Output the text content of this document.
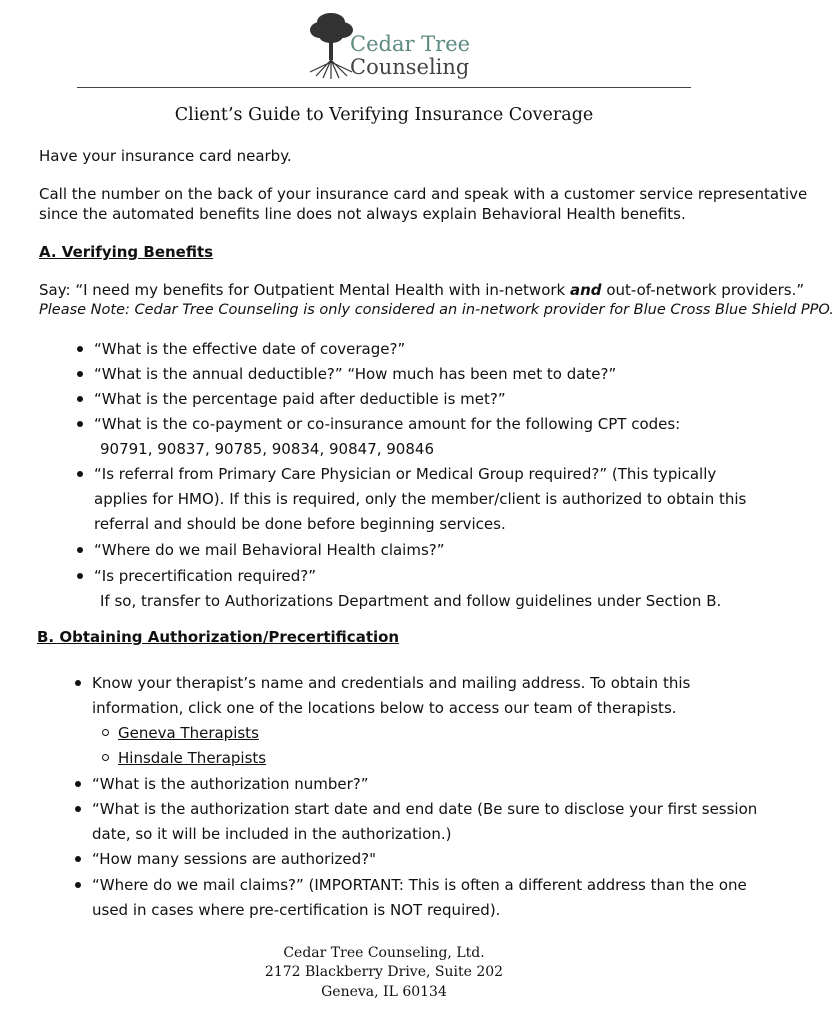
Cedar Tree
Counseling
Client’s Guide to Verifying Insurance Coverage
Have your insurance card nearby.
Call the number on the back of your insurance card and speak with a customer service representative
since the automated benefits line does not always explain Behavioral Health benefits.
A. Verifying Benefits
Say: “I need my benefits for Outpatient Mental Health with in-network and out-of-network providers.”
Please Note: Cedar Tree Counseling is only considered an in-network provider for Blue Cross Blue Shield PPO.
“What is the effective date of coverage?”
“What is the annual deductible?” “How much has been met to date?”
“What is the percentage paid after deductible is met?”
“What is the co-payment or co-insurance amount for the following CPT codes:
90791, 90837, 90785, 90834, 90847, 90846
“Is referral from Primary Care Physician or Medical Group required?” (This typically
applies for HMO). If this is required, only the member/client is authorized to obtain this
referral and should be done before beginning services.
“Where do we mail Behavioral Health claims?”
“Is precertification required?”
If so, transfer to Authorizations Department and follow guidelines under Section B.
B. Obtaining Authorization/Precertification
Know your therapist’s name and credentials and mailing address. To obtain this
information, click one of the locations below to access our team of therapists.
Geneva Therapists
Hinsdale Therapists
“What is the authorization number?”
“What is the authorization start date and end date (Be sure to disclose your first session
date, so it will be included in the authorization.)
“How many sessions are authorized?"
“Where do we mail claims?” (IMPORTANT: This is often a different address than the one
used in cases where pre-certification is NOT required).
Cedar Tree Counseling, Ltd.
2172 Blackberry Drive, Suite 202
Geneva, IL 60134
